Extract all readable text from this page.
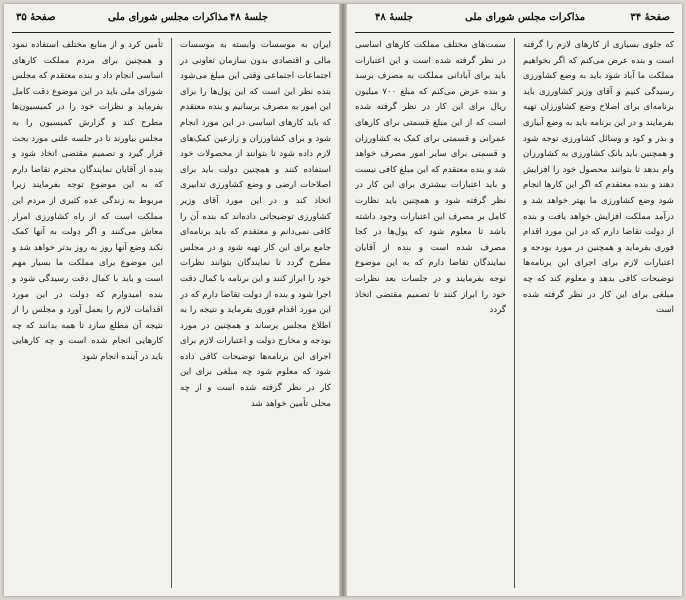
صفحهٔ ۳۵	مذاکرات مجلس شورای ملی جلسهٔ ۴۸

ایران به موسسات وابسته به موسسات مالی و اقتصادی بدون سازمان تعاونی در اجتماعات اجتماعی وقتی این مبلغ می‌شود بنده نظر این است که این پول‌ها را برای این امور به مصرف برسانیم و بنده معتقدم که باید کارهای اساسی در این مورد انجام شود و برای کشاورزان و زارعین کمک‌های لازم داده شود تا بتوانند از محصولات خود استفاده کنند و همچنین دولت باید برای اصلاحات ارضی و وضع کشاورزی تدابیری اتخاذ کند و در این مورد آقای وزیر کشاورزی توضیحاتی داده‌اند که بنده آن را کافی نمی‌دانم و معتقدم که باید برنامه‌ای جامع برای این کار تهیه شود و در مجلس مطرح گردد تا نمایندگان بتوانند نظرات خود را ابراز کنند و این برنامه با کمال دقت اجرا شود و بنده از دولت تقاضا دارم که در این مورد اقدام فوری بفرماید و نتیجه را به اطلاع مجلس برساند و همچنین در مورد بودجه و مخارج دولت و اعتبارات لازم برای اجرای این برنامه‌ها توضیحات کافی داده شود که معلوم شود چه مبلغی برای این کار در نظر گرفته شده است و از چه محلی تأمین خواهد شد

تأمین کرد و از منابع مختلف استفاده نمود و همچنین برای مردم مملکت کارهای اساسی انجام داد و بنده معتقدم که مجلس شورای ملی باید در این موضوع دقت کامل بفرماید و نظرات خود را در کمیسیون‌ها مطرح کند و گزارش کمیسیون را به مجلس بیاورند تا در جلسه علنی مورد بحث قرار گیرد و تصمیم مقتضی اتخاذ شود و بنده از آقایان نمایندگان محترم تقاضا دارم که به این موضوع توجه بفرمایند زیرا مربوط به زندگی عده کثیری از مردم این مملکت است که از راه کشاورزی امرار معاش می‌کنند و اگر دولت به آنها کمک نکند وضع آنها روز به روز بدتر خواهد شد و این موضوع برای مملکت ما بسیار مهم است و باید با کمال دقت رسیدگی شود و بنده امیدوارم که دولت در این مورد اقدامات لازم را بعمل آورد و مجلس را از نتیجه آن مطلع سازد تا همه بدانند که چه کارهایی انجام شده است و چه کارهایی باید در آینده انجام شود

صفحهٔ ۳۴
مذاکرات مجلس شورای ملی
جلسهٔ ۴۸

که جلوی بسیاری از کارهای لازم را گرفته است و بنده عرض می‌کنم که اگر بخواهیم مملکت ما آباد شود باید به وضع کشاورزی رسیدگی کنیم و آقای وزیر کشاورزی باید برنامه‌ای برای اصلاح وضع کشاورزان تهیه بفرمایند و در این برنامه باید به وضع آبیاری و بذر و کود و وسائل کشاورزی توجه شود و همچنین باید بانک کشاورزی به کشاورزان وام بدهد تا بتوانند محصول خود را افزایش دهند و بنده معتقدم که اگر این کارها انجام شود وضع کشاورزی ما بهتر خواهد شد و درآمد مملکت افزایش خواهد یافت و بنده از دولت تقاضا دارم که در این مورد اقدام فوری بفرماید و همچنین در مورد بودجه و اعتبارات لازم برای اجرای این برنامه‌ها توضیحات کافی بدهد و معلوم کند که چه مبلغی برای این کار در نظر گرفته شده است

سمت‌های مختلف مملکت کارهای اساسی در نظر گرفته شده است و این اعتبارات باید برای آبادانی مملکت به مصرف برسد و بنده عرض می‌کنم که مبلغ ۷۰۰ میلیون ریال برای این کار در نظر گرفته شده است که از این مبلغ قسمتی برای کارهای عمرانی و قسمتی برای کمک به کشاورزان و قسمتی برای سایر امور مصرف خواهد شد و بنده معتقدم که این مبلغ کافی نیست و باید اعتبارات بیشتری برای این کار در نظر گرفته شود و همچنین باید نظارت کامل بر مصرف این اعتبارات وجود داشته باشد تا معلوم شود که پول‌ها در کجا مصرف شده است و بنده از آقایان نمایندگان تقاضا دارم که به این موضوع توجه بفرمایند و در جلسات بعد نظرات خود را ابراز کنند تا تصمیم مقتضی اتخاذ گردد
